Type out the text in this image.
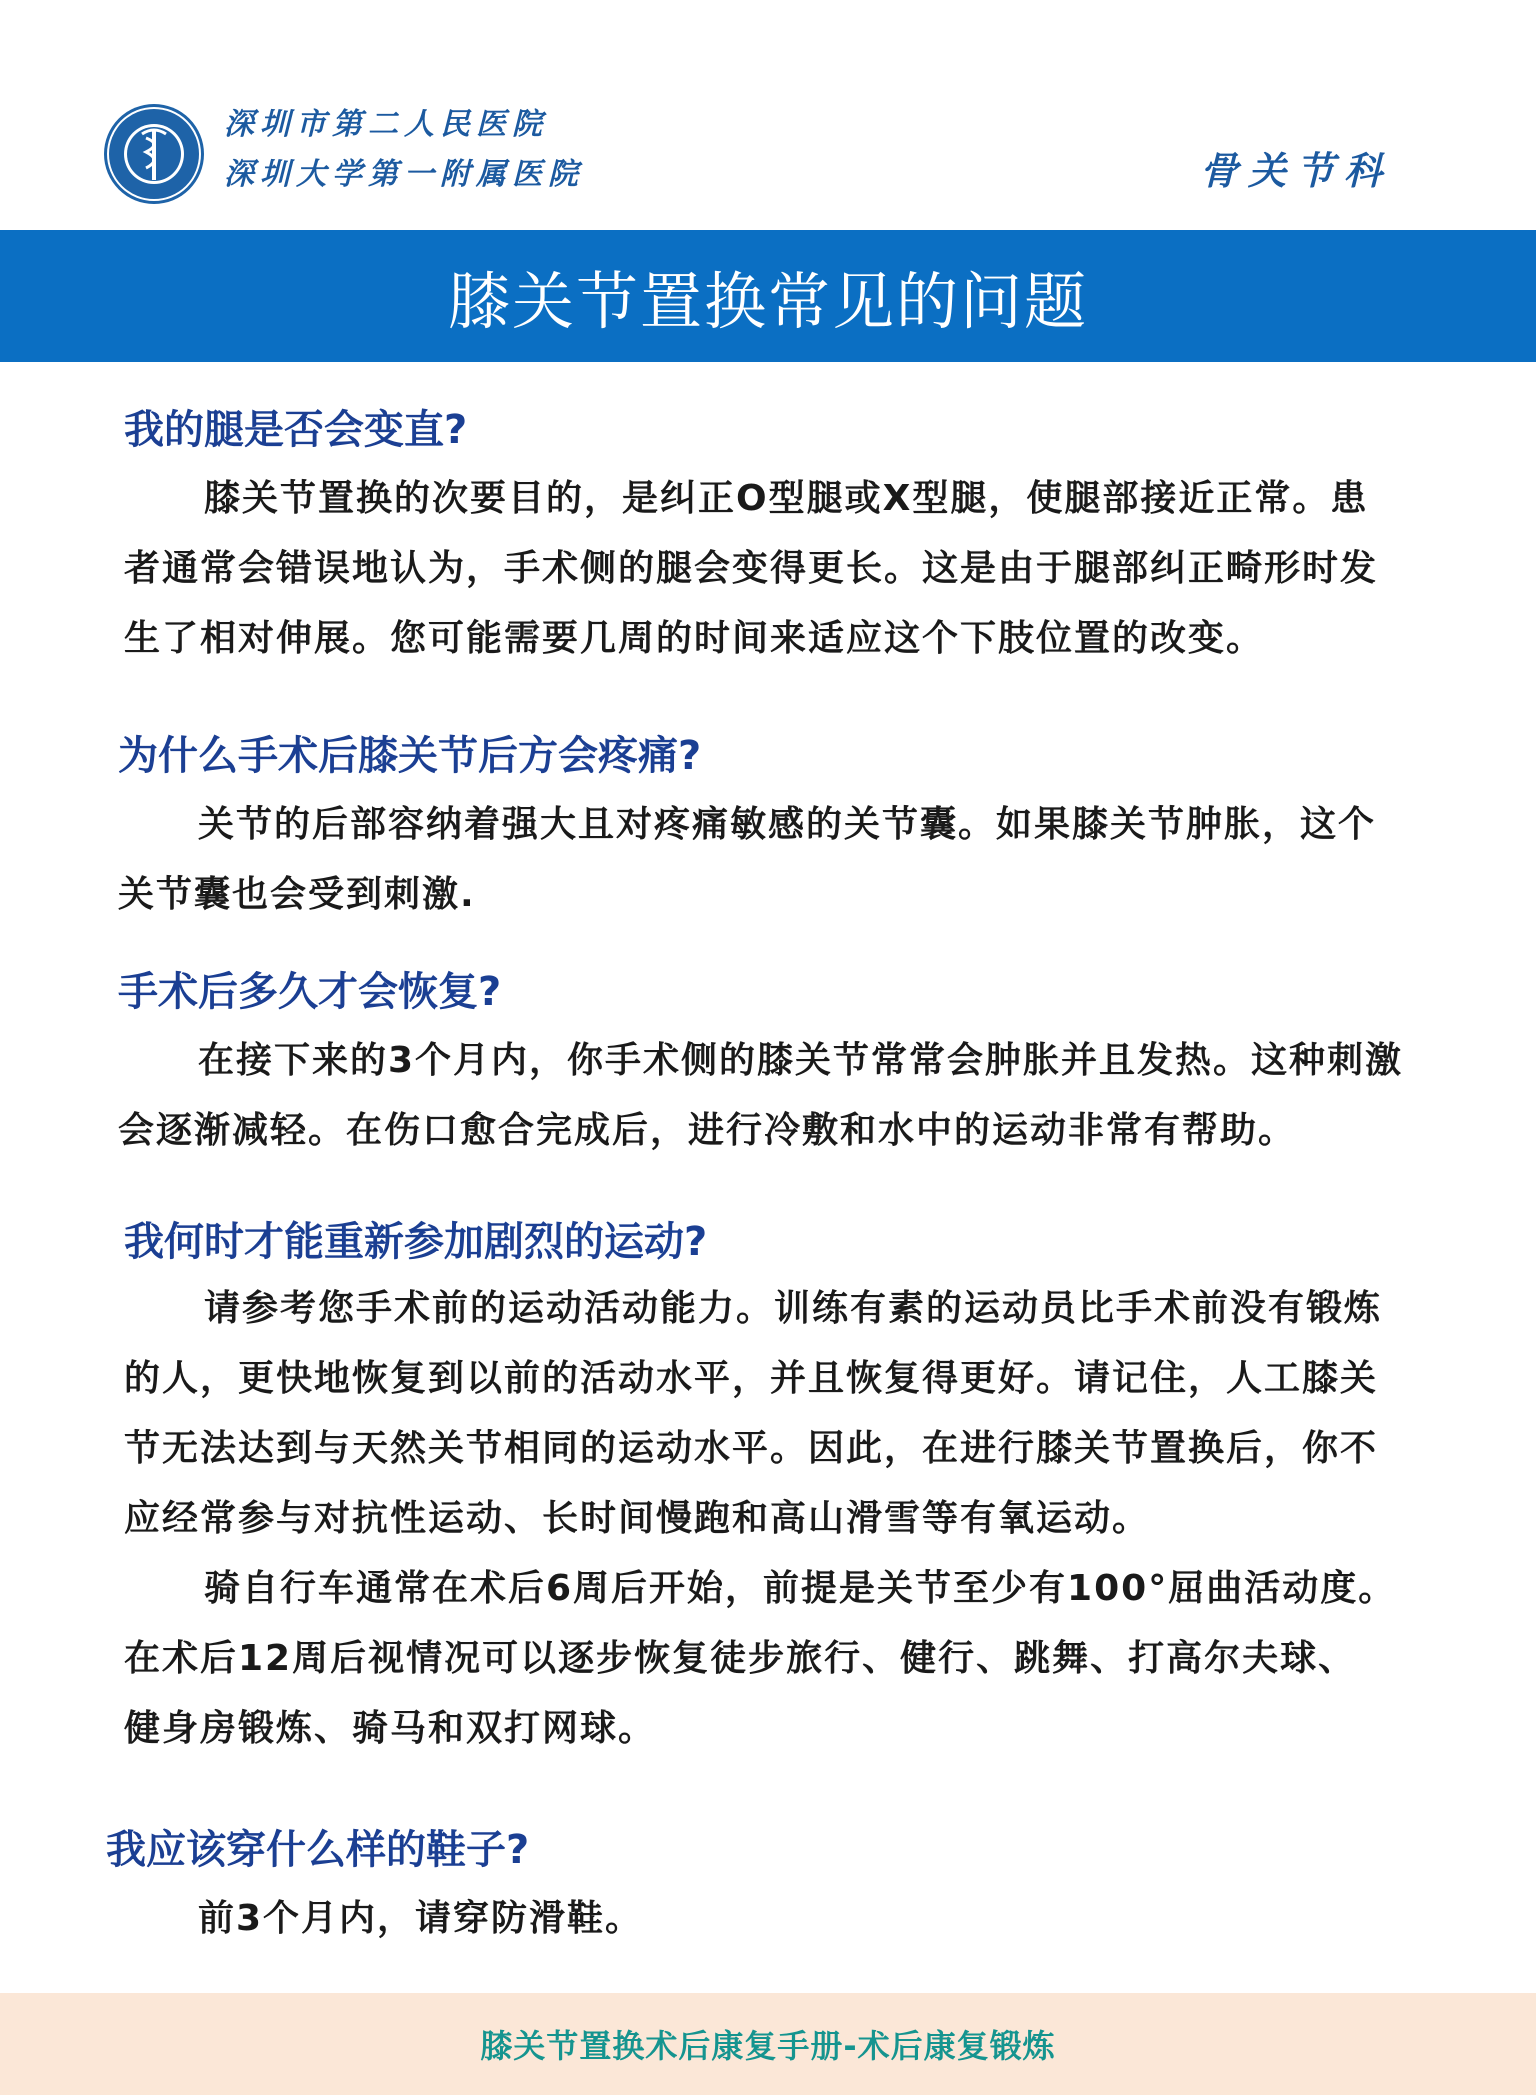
深圳市第二人民医院
深圳大学第一附属医院	骨关节科
膝关节置换常见的问题
我的腿是否会变直?
膝关节置换的次要目的，是纠正O型腿或X型腿，使腿部接近正常。患
者通常会错误地认为，手术侧的腿会变得更长。这是由于腿部纠正畸形时发
生了相对伸展。您可能需要几周的时间来适应这个下肢位置的改变。
为什么手术后膝关节后方会疼痛?
关节的后部容纳着强大且对疼痛敏感的关节囊。如果膝关节肿胀，这个
关节囊也会受到刺激.
手术后多久才会恢复?
在接下来的3个月内，你手术侧的膝关节常常会肿胀并且发热。这种刺激
会逐渐减轻。在伤口愈合完成后，进行冷敷和水中的运动非常有帮助。
我何时才能重新参加剧烈的运动?
请参考您手术前的运动活动能力。训练有素的运动员比手术前没有锻炼
的人，更快地恢复到以前的活动水平，并且恢复得更好。请记住，人工膝关
节无法达到与天然关节相同的运动水平。因此，在进行膝关节置换后，你不
应经常参与对抗性运动、长时间慢跑和高山滑雪等有氧运动。
骑自行车通常在术后6周后开始，前提是关节至少有100°屈曲活动度。
在术后12周后视情况可以逐步恢复徒步旅行、健行、跳舞、打高尔夫球、
健身房锻炼、骑马和双打网球。
我应该穿什么样的鞋子?
前3个月内，请穿防滑鞋。
膝关节置换术后康复手册-术后康复锻炼
